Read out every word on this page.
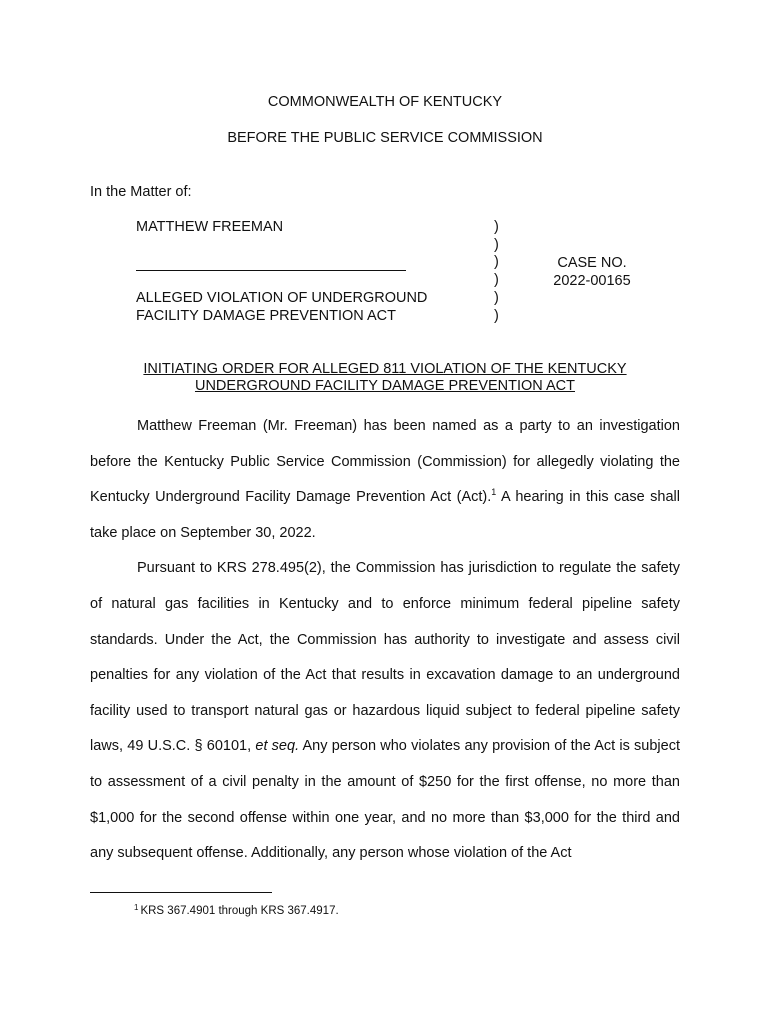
COMMONWEALTH OF KENTUCKY
BEFORE THE PUBLIC SERVICE COMMISSION
In the Matter of:
MATTHEW FREEMAN
ALLEGED VIOLATION OF UNDERGROUND
FACILITY DAMAGE PREVENTION ACT
)
)
)
)
)
)
CASE NO.
2022-00165
INITIATING ORDER FOR ALLEGED 811 VIOLATION OF THE KENTUCKY
UNDERGROUND FACILITY DAMAGE PREVENTION ACT

Matthew Freeman (Mr. Freeman) has been named as a party to an investigation before the Kentucky Public Service Commission (Commission) for allegedly violating the Kentucky Underground Facility Damage Prevention Act (Act).$^1$ A hearing in this case shall take place on September 30, 2022.

Pursuant to KRS 278.495(2), the Commission has jurisdiction to regulate the safety of natural gas facilities in Kentucky and to enforce minimum federal pipeline safety standards. Under the Act, the Commission has authority to investigate and assess civil penalties for any violation of the Act that results in excavation damage to an underground facility used to transport natural gas or hazardous liquid subject to federal pipeline safety laws, 49 U.S.C. § 60101, et seq. Any person who violates any provision of the Act is subject to assessment of a civil penalty in the amount of $250 for the first offense, no more than $1,000 for the second offense within one year, and no more than $3,000 for the third and any subsequent offense. Additionally, any person whose violation of the Act

$^1$ KRS 367.4901 through KRS 367.4917.
